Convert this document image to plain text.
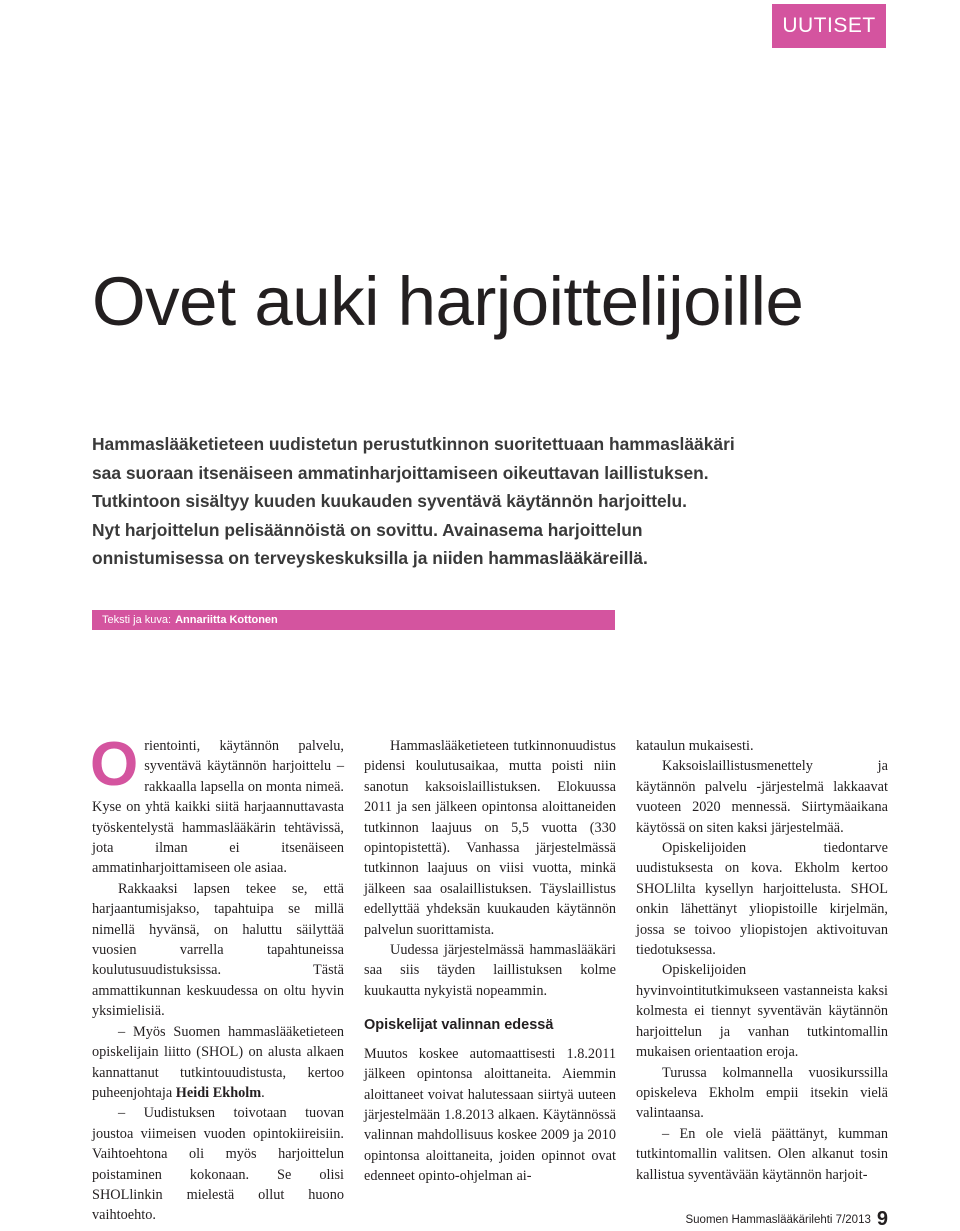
UUTISET
Ovet auki harjoittelijoille
Hammaslääketieteen uudistetun perustutkinnon suoritettuaan hammaslääkäri
saa suoraan itsenäiseen ammatinharjoittamiseen oikeuttavan laillistuksen.
Tutkintoon sisältyy kuuden kuukauden syventävä käytännön harjoittelu.
Nyt harjoittelun pelisäännöistä on sovittu. Avainasema harjoittelun
onnistumisessa on terveyskeskuksilla ja niiden hammaslääkäreillä.
Teksti ja kuva: Annariitta Kottonen

Orientointi, käytännön palvelu, syventävä käytännön harjoittelu – rakkaalla lapsella on monta nimeä. Kyse on yhtä kaikki siitä harjaannuttavasta työskentelystä hammaslääkärin tehtävissä, jota ilman ei itsenäiseen ammatinharjoittamiseen ole asiaa.

Rakkaaksi lapsen tekee se, että harjaantumisjakso, tapahtuipa se millä nimellä hyvänsä, on haluttu säilyttää vuosien varrella tapahtuneissa koulutusuudistuksissa. Tästä ammattikunnan keskuudessa on oltu hyvin yksimielisiä.

– Myös Suomen hammaslääketieteen opiskelijain liitto (SHOL) on alusta alkaen kannattanut tutkintouudistusta, kertoo puheenjohtaja Heidi Ekholm.

– Uudistuksen toivotaan tuovan joustoa viimeisen vuoden opintokiireisiin. Vaihtoehtona oli myös harjoittelun poistaminen kokonaan. Se olisi SHOLlinkin mielestä ollut huono vaihtoehto.

Hammaslääketieteen tutkinnonuudistus pidensi koulutusaikaa, mutta poisti niin sanotun kaksoislaillistuksen. Elokuussa 2011 ja sen jälkeen opintonsa aloittaneiden tutkinnon laajuus on 5,5 vuotta (330 opintopistettä). Vanhassa järjestelmässä tutkinnon laajuus on viisi vuotta, minkä jälkeen saa osalaillistuksen. Täyslaillistus edellyttää yhdeksän kuukauden käytännön palvelun suorittamista.

Uudessa järjestelmässä hammaslääkäri saa siis täyden laillistuksen kolme kuukautta nykyistä nopeammin.

Opiskelijat valinnan edessä

Muutos koskee automaattisesti 1.8.2011 jälkeen opintonsa aloittaneita. Aiemmin aloittaneet voivat halutessaan siirtyä uuteen järjestelmään 1.8.2013 alkaen. Käytännössä valinnan mahdollisuus koskee 2009 ja 2010 opintonsa aloittaneita, joiden opinnot ovat edenneet opinto-ohjelman ai-

kataulun mukaisesti.

Kaksoislaillistusmenettely ja käytännön palvelu -järjestelmä lakkaavat vuoteen 2020 mennessä. Siirtymäaikana käytössä on siten kaksi järjestelmää.

Opiskelijoiden tiedontarve uudistuksesta on kova. Ekholm kertoo SHOLlilta kysellyn harjoittelusta. SHOL onkin lähettänyt yliopistoille kirjelmän, jossa se toivoo yliopistojen aktivoituvan tiedotuksessa.

Opiskelijoiden hyvinvointitutkimukseen vastanneista kaksi kolmesta ei tiennyt syventävän käytännön harjoittelun ja vanhan tutkintomallin mukaisen orientaation eroja.

Turussa kolmannella vuosikurssilla opiskeleva Ekholm empii itsekin vielä valintaansa.

– En ole vielä päättänyt, kumman tutkintomallin valitsen. Olen alkanut tosin kallistua syventävään käytännön harjoit-

Suomen Hammaslääkärilehti 7/2013 9
